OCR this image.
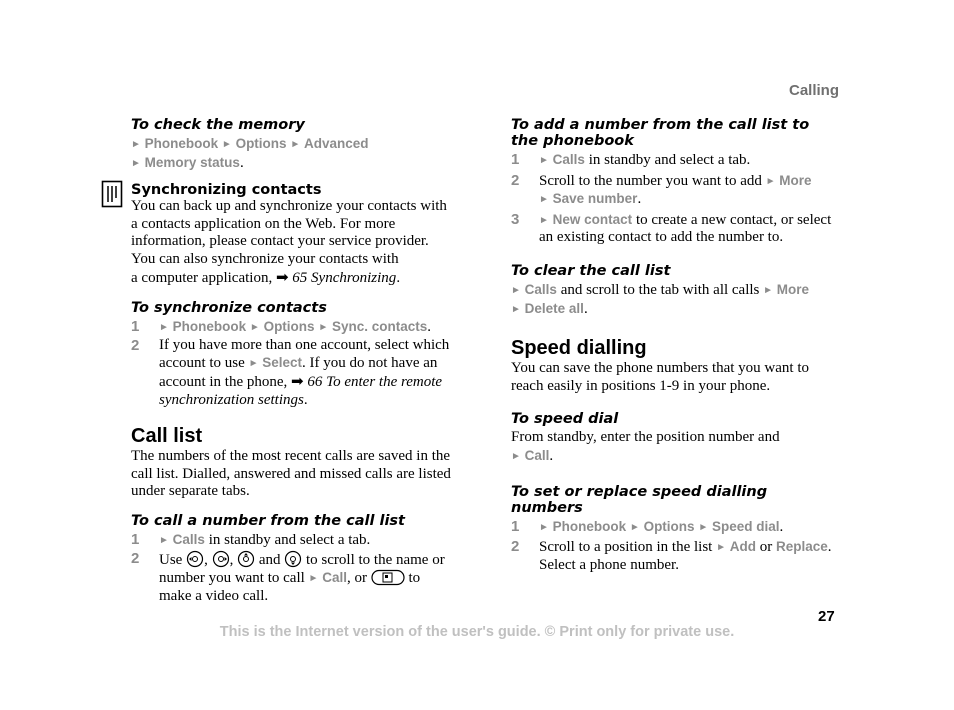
Calling

To check the memory

► Phonebook ► Options ► Advanced
► Memory status.

Synchronizing contacts

You can back up and synchronize your contacts with a contacts application on the Web. For more information, please contact your service provider. You can also synchronize your contacts with

a computer application, ➡ 65 Synchronizing.

To synchronize contacts

1	► Phonebook ► Options ► Sync. contacts.
2	If you have more than one account, select which account to use ► Select. If you do not have an account in the phone, ➡ 66 To enter the remote synchronization settings.

Call list

The numbers of the most recent calls are saved in the call list. Dialled, answered and missed calls are listed under separate tabs.

To call a number from the call list

1	► Calls in standby and select a tab.
2	Use , ,  and to scroll to the name or number you want to call ► Call, or	to make a video call.

To add a number from the call list to the phonebook

1	► Calls in standby and select a tab.
2	Scroll to the number you want to add ► More
► Save number.
3	► New contact to create a new contact, or select an existing contact to add the number to.

To clear the call list

► Calls and scroll to the tab with all calls ► More
► Delete all.

Speed dialling

You can save the phone numbers that you want to reach easily in positions 1-9 in your phone.

To speed dial

From standby, enter the position number and
► Call.

To set or replace speed dialling numbers

1	► Phonebook ► Options ► Speed dial.
2	Scroll to a position in the list ► Add or Replace. Select a phone number.
27
This is the Internet version of the user's guide. © Print only for private use.
